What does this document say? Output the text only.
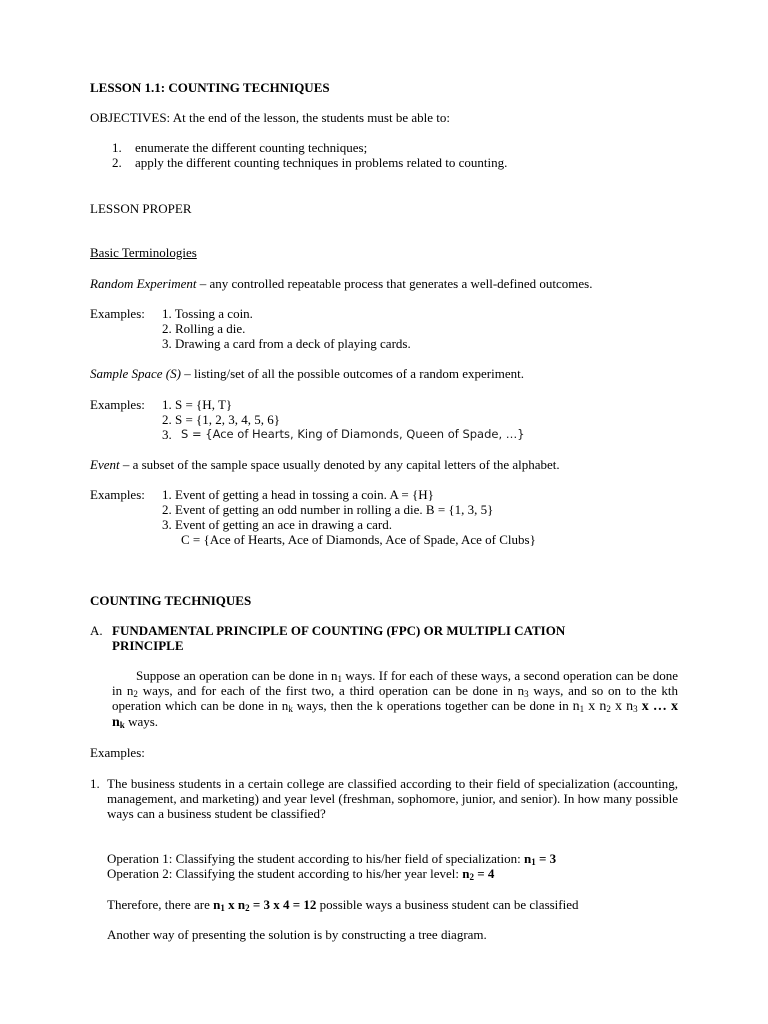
LESSON 1.1: COUNTING TECHNIQUES
OBJECTIVES: At the end of the lesson, the students must be able to:
1. enumerate the different counting techniques;
2. apply the different counting techniques in problems related to counting.
LESSON PROPER
Basic Terminologies
Random Experiment – any controlled repeatable process that generates a well-defined outcomes.
Examples: 1. Tossing a coin.
2. Rolling a die.
3. Drawing a card from a deck of playing cards.
Sample Space (S) – listing/set of all the possible outcomes of a random experiment.
Examples: 1. S = {H, T}
2. S = {1, 2, 3, 4, 5, 6}
3. S = {Ace of Hearts, King of Diamonds, Queen of Spade, …}
Event – a subset of the sample space usually denoted by any capital letters of the alphabet.
Examples: 1. Event of getting a head in tossing a coin. A = {H}
2. Event of getting an odd number in rolling a die. B = {1, 3, 5}
3. Event of getting an ace in drawing a card.
C = {Ace of Hearts, Ace of Diamonds, Ace of Spade, Ace of Clubs}
COUNTING TECHNIQUES
A. FUNDAMENTAL PRINCIPLE OF COUNTING (FPC) OR MULTIPLI CATION
PRINCIPLE
Suppose an operation can be done in $n_1$ ways. If for each of these ways, a second operation can be done in $n_2$ ways, and for each of the first two, a third operation can be done in $n_3$ ways, and so on to the kth operation which can be done in $n_k$ ways, then the k operations together can be done in $n_1$ x $n_2$ x $n_3$ x … x $n_k$ ways.
Examples:
1. The business students in a certain college are classified according to their field of specialization (accounting, management, and marketing) and year level (freshman, sophomore, junior, and senior). In how many possible ways can a business student be classified?
Operation 1: Classifying the student according to his/her field of specialization: $n_1 = 3$
Operation 2: Classifying the student according to his/her year level: $n_2 = 4$
Therefore, there are $n_1$ x $n_2 = 3$ x 4 = 12 possible ways a business student can be classified
Another way of presenting the solution is by constructing a tree diagram.
